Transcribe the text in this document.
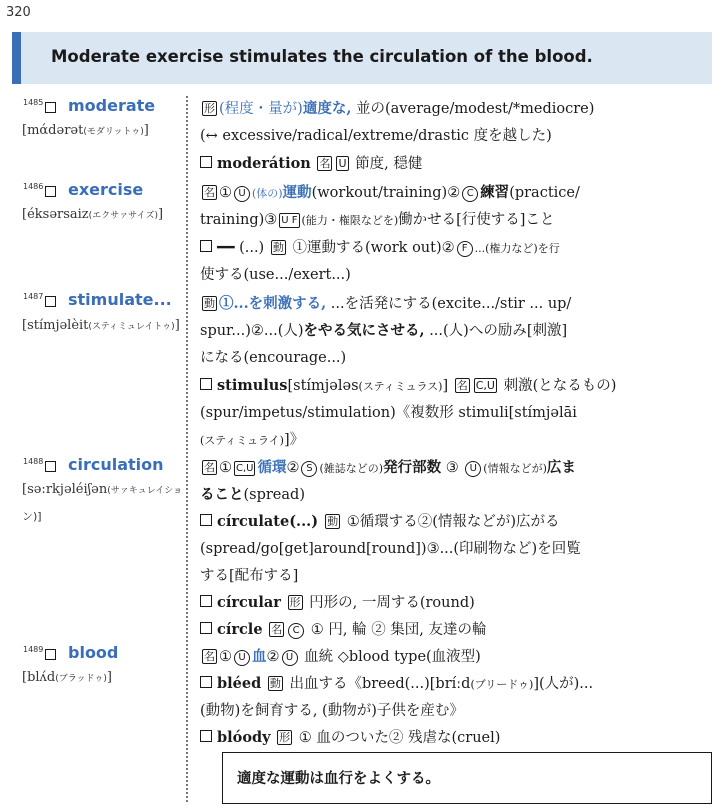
320
Moderate exercise stimulates the circulation of the blood.
1485 moderate
[mάdərət(モダリットゥ)]
形 (程度・量が)適度な, 並の(average/modest/*mediocre)
(↔ excessive/radical/extreme/drastic 度を越した)
moderátion 名 U 節度, 穏健
1486 exercise
[éksərsaiz(エクサァサイズ)]
名 ① U (体の)運動(workout/training)② C 練習(practice/
training)③ U F (能力・権限などを)働かせる[行使する]こと
━━ (...) 動 ①運動する(work out)② F ...(権力など)を行
使する(use.../exert...)
1487 stimulate...
[stímjəlèit(スティミュレイトゥ)]
動 ①...を刺激する, ...を活発にする(excite.../stir ... up/
spur...)②...(人)をやる気にさせる, ...(人)への励み[刺激]
になる(encourage...)
stimulus[stímjələs(スティミュラス)] 名 C,U 刺激(となるもの)
(spur/impetus/stimulation)《複数形 stimuli[stímjəlāi
(スティミュライ)]》
1488 circulation
[sə:rkjəléiʃən(サァキュレイショ
ン)]
名 ① C,U 循環② S (雑誌などの)発行部数 ③ U (情報などが)広ま
ること(spread)
círculate(...) 動 ①循環する②(情報などが)広がる
(spread/go[get]around[round])③...(印刷物など)を回覧
する[配布する]
círcular 形 円形の, 一周する(round)
círcle 名 C ① 円, 輪 ② 集団, 友達の輪
1489 blood
[blʌ́d(ブラッドゥ)]
名 ① U 血② U 血統 ◇blood type(血液型)
bléed 動 出血する《breed(...)[bríːd(ブリードゥ)](人が)...
(動物)を飼育する, (動物が)子供を産む》
blóody 形 ① 血のついた② 残虐な(cruel)
適度な運動は血行をよくする。
